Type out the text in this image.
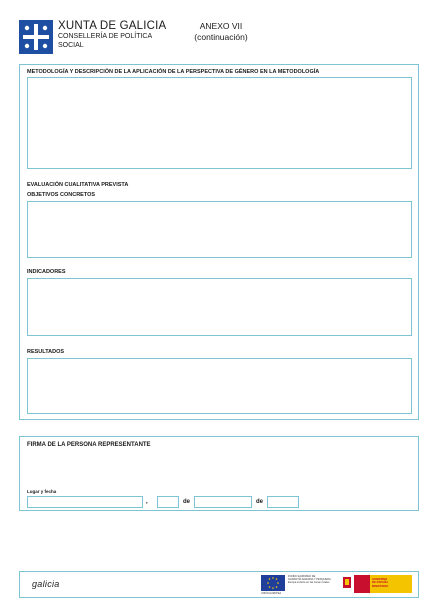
XUNTA DE GALICIA
CONSELLERÍA DE POLÍTICA
SOCIAL
ANEXO VII
(continuación)
METODOLOGÍA Y DESCRIPCIÓN DE LA APLICACIÓN DE LA PERSPECTIVA DE GÉNERO EN LA METODOLOGÍA
EVALUACIÓN CUALITATIVA PREVISTA
OBJETIVOS CONCRETOS
INDICADORES
RESULTADOS
FIRMA DE LA PERSONA REPRESENTANTE
Lugar y fecha
,	de	de
galicia
FONDO EUROPEO DE
GARANTÍA AGRARIA Y PESQUERA
Europa invierte en las zonas rurales
UNIÓN EUROPEA
GOBIERNO
DE ESPAÑA
MINISTERIO
